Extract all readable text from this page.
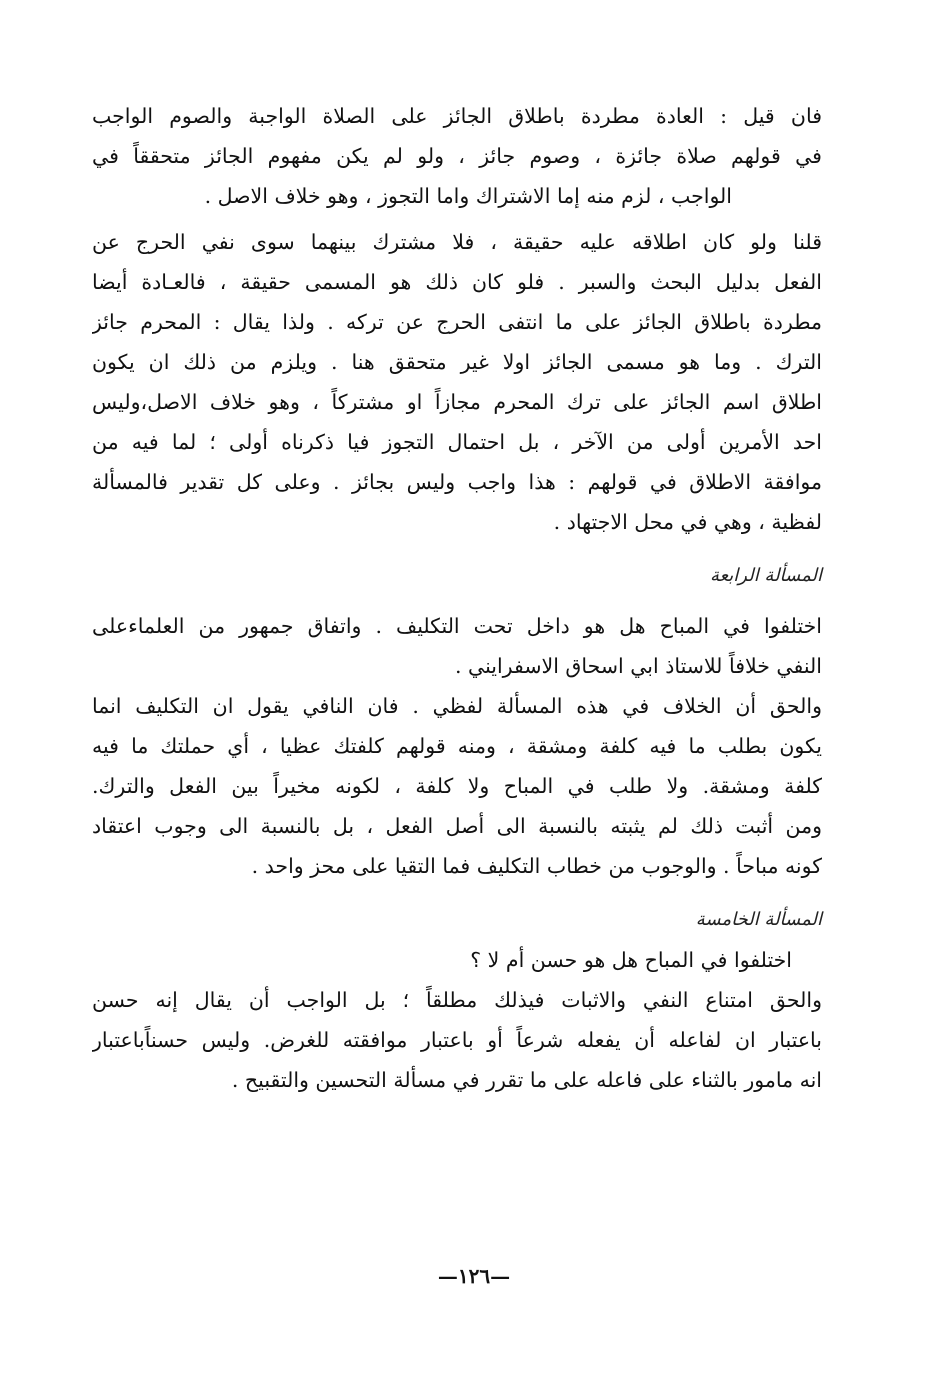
فان قيل : العادة مطردة باطلاق الجائز على الصلاة الواجبة والصوم الواجب
في قولهم صلاة جائزة ، وصوم جائز ، ولو لم يكن مفهوم الجائز متحققاً في
الواجب ، لزم منه إما الاشتراك واما التجوز ، وهو خلاف الاصل .
قلنا ولو كان اطلاقه عليه حقيقة ، فلا مشترك بينهما سوى نفي الحرج عن
الفعل بدليل البحث والسبر . فلو كان ذلك هو المسمى حقيقة ، فالعـادة أيضا
مطردة باطلاق الجائز على ما انتفى الحرج عن تركه . ولذا يقال : المحرم جائز
الترك . وما هو مسمى الجائز اولا غير متحقق هنا . ويلزم من ذلك ان يكون
اطلاق اسم الجائز على ترك المحرم مجازاً او مشتركاً ، وهو خلاف الاصل،وليس
احد الأمرين أولى من الآخر ، بل احتمال التجوز فيا ذكرناه أولى ؛ لما فيه من
موافقة الاطلاق في قولهم : هذا واجب وليس بجائز . وعلى كل تقدير فالمسألة
لفظية ، وهي في محل الاجتهاد .
المسألة الرابعة
اختلفوا في المباح هل هو داخل تحت التكليف . واتفاق جمهور من العلماءعلى
النفي خلافاً للاستاذ ابي اسحاق الاسفرايني .
والحق أن الخلاف في هذه المسألة لفظي . فان النافي يقول ان التكليف انما
يكون بطلب ما فيه كلفة ومشقة ، ومنه قولهم كلفتك عظيا ، أي حملتك ما فيه
كلفة ومشقة. ولا طلب في المباح ولا كلفة ، لكونه مخيراً بين الفعل والترك.
ومن أثبت ذلك لم يثبته بالنسبة الى أصل الفعل ، بل بالنسبة الى وجوب اعتقاد
كونه مباحاً . والوجوب من خطاب التكليف فما التقيا على محز واحد .
المسألة الخامسة
اختلفوا في المباح هل هو حسن أم لا ؟
والحق امتناع النفي والاثبات فيذلك مطلقاً ؛ بل الواجب أن يقال إنه حسن
باعتبار ان لفاعله أن يفعله شرعاً أو باعتبار موافقته للغرض. وليس حسناًباعتبار
انه مامور بالثناء على فاعله على ما تقرر في مسألة التحسين والتقبيح .
—١٢٦—
